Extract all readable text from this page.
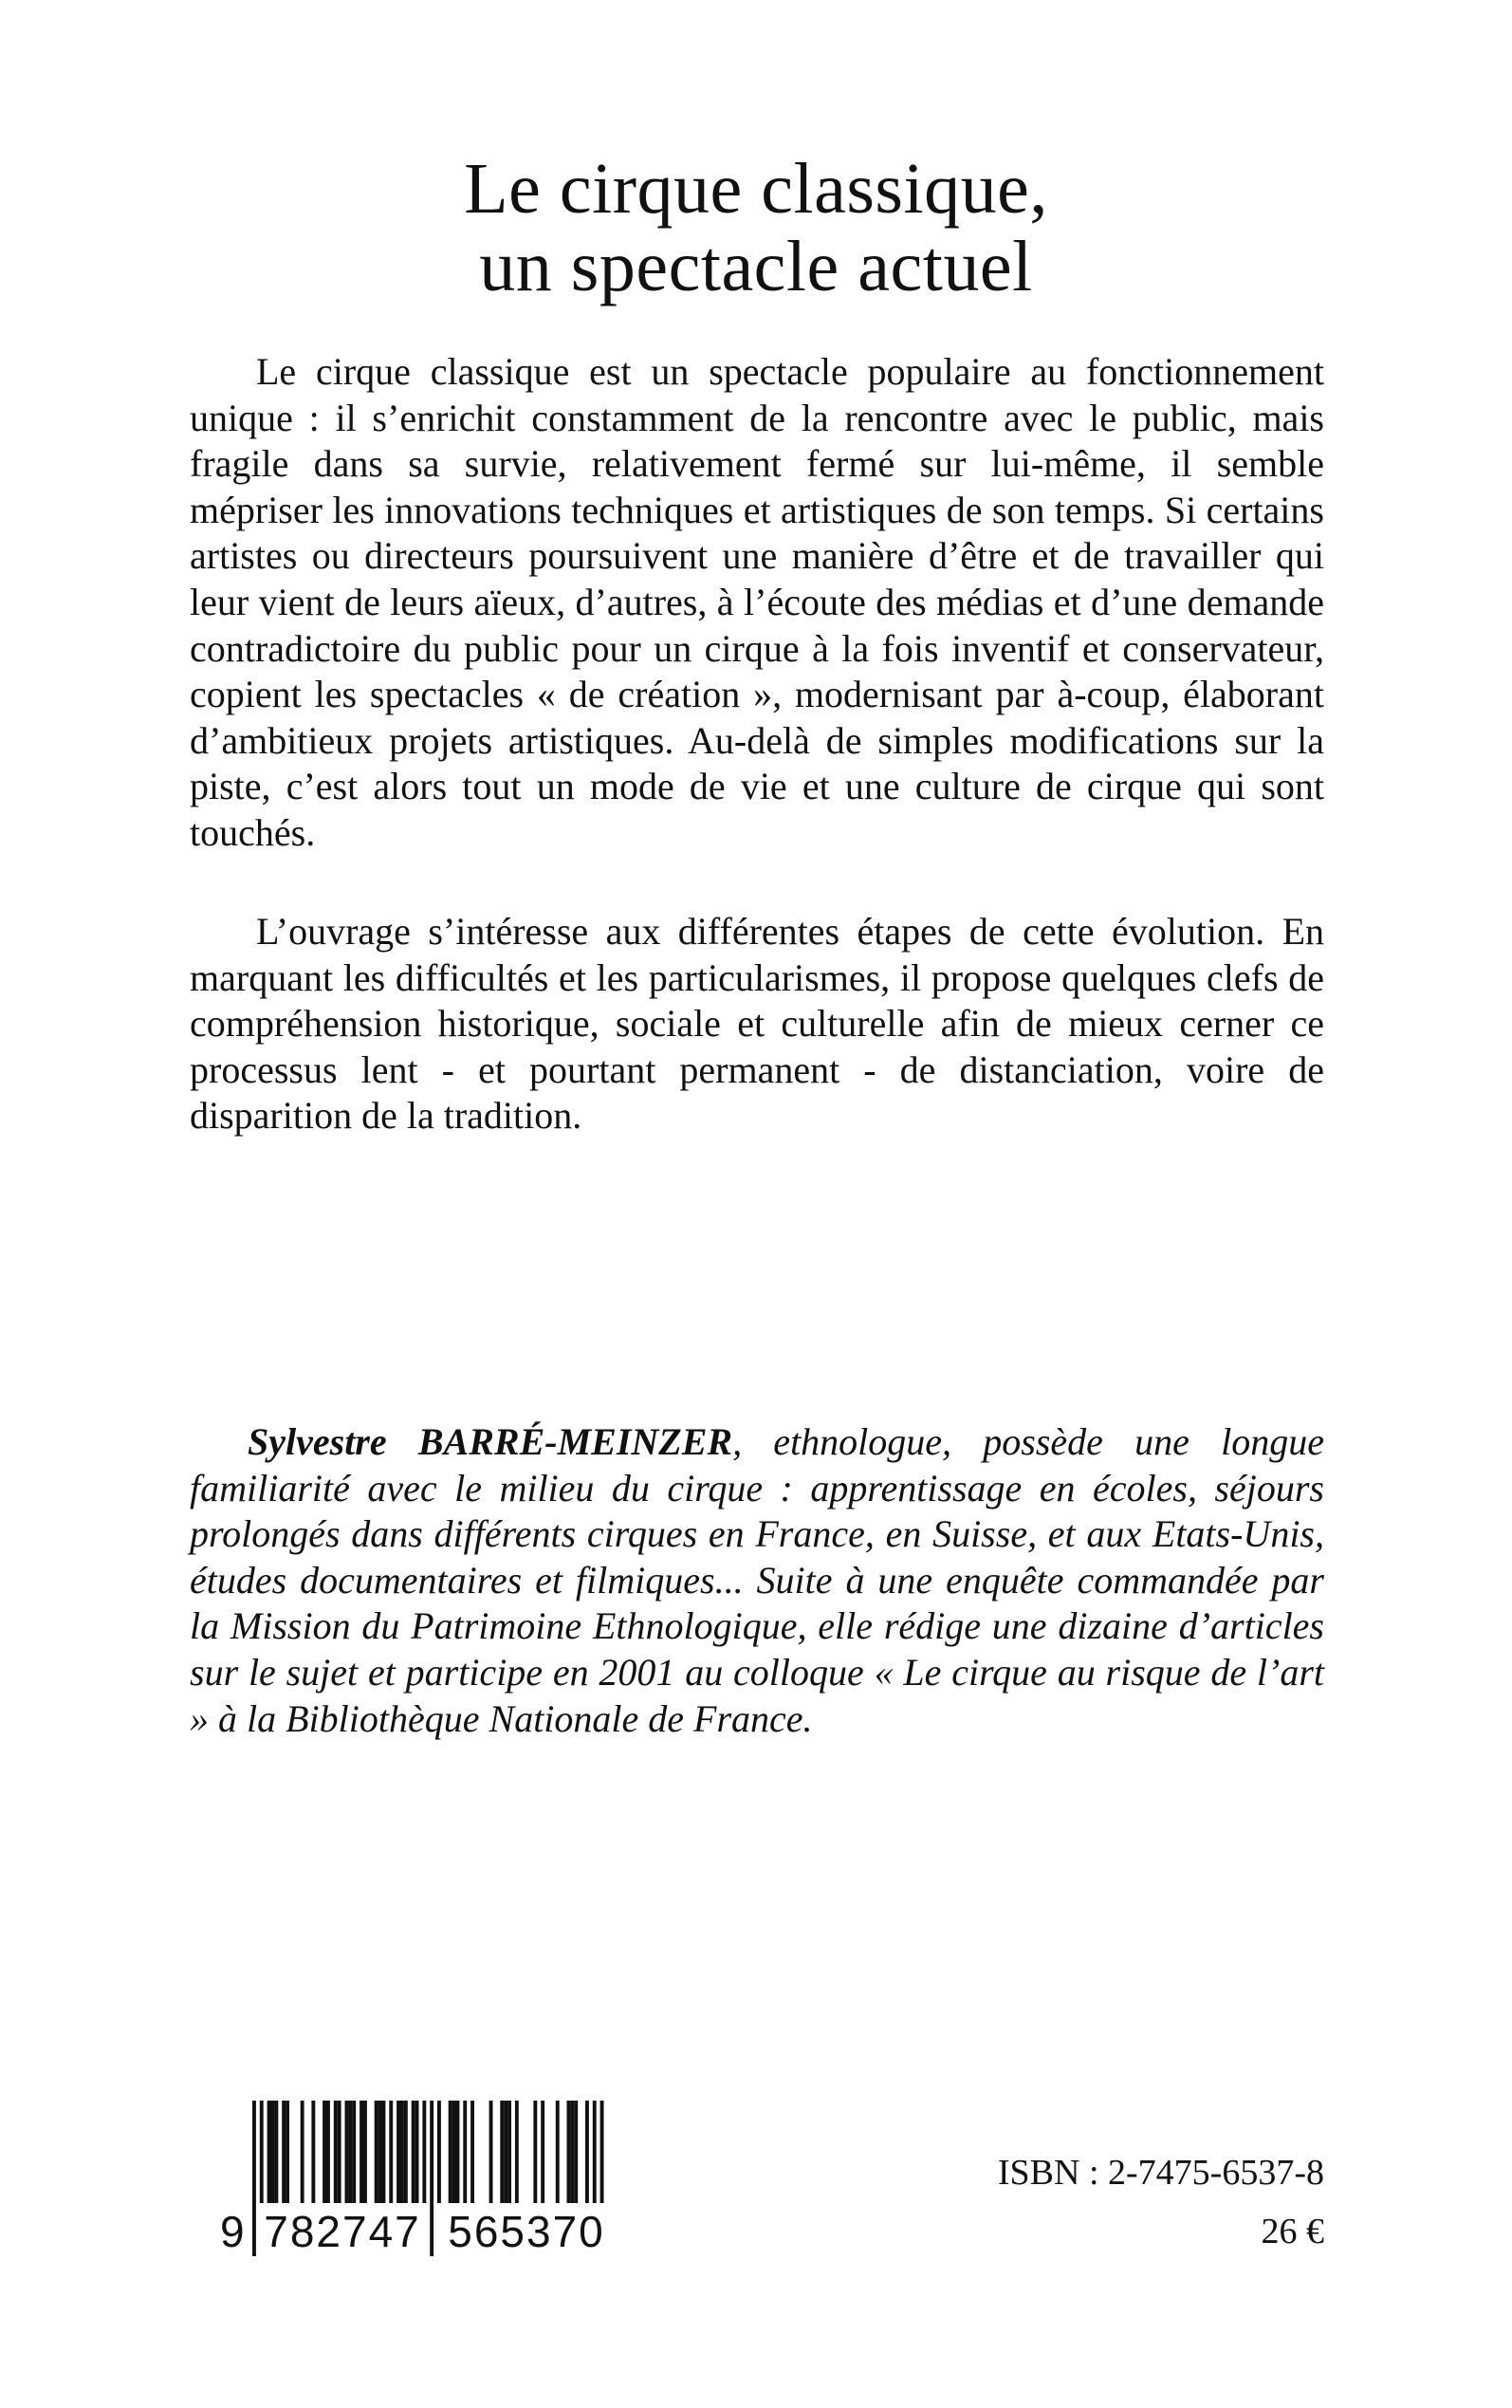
Le cirque classique,
un spectacle actuel
Le cirque classique est un spectacle populaire au fonctionnement unique : il s’enrichit constamment de la rencontre avec le public, mais fragile dans sa survie, relativement fermé sur lui-même, il semble mépriser les innovations techniques et artistiques de son temps. Si certains artistes ou directeurs poursuivent une manière d’être et de travailler qui leur vient de leurs aïeux, d’autres, à l’écoute des médias et d’une demande contradictoire du public pour un cirque à la fois inventif et conservateur, copient les spectacles « de création », modernisant par à-coup, élaborant d’ambitieux projets artistiques. Au-delà de simples modifications sur la piste, c’est alors tout un mode de vie et une culture de cirque qui sont touchés.
L’ouvrage s’intéresse aux différentes étapes de cette évolution. En marquant les difficultés et les particularismes, il propose quelques clefs de compréhension historique, sociale et culturelle afin de mieux cerner ce processus lent - et pourtant permanent - de distanciation, voire de disparition de la tradition.
Sylvestre BARRÉ-MEINZER, ethnologue, possède une longue familiarité avec le milieu du cirque : apprentissage en écoles, séjours prolongés dans différents cirques en France, en Suisse, et aux Etats-Unis, études documentaires et filmiques... Suite à une enquête commandée par la Mission du Patrimoine Ethnologique, elle rédige une dizaine d’articles sur le sujet et participe en 2001 au colloque « Le cirque au risque de l’art » à la Bibliothèque Nationale de France.
9 782747 565370
ISBN : 2-7475-6537-8
26 €
